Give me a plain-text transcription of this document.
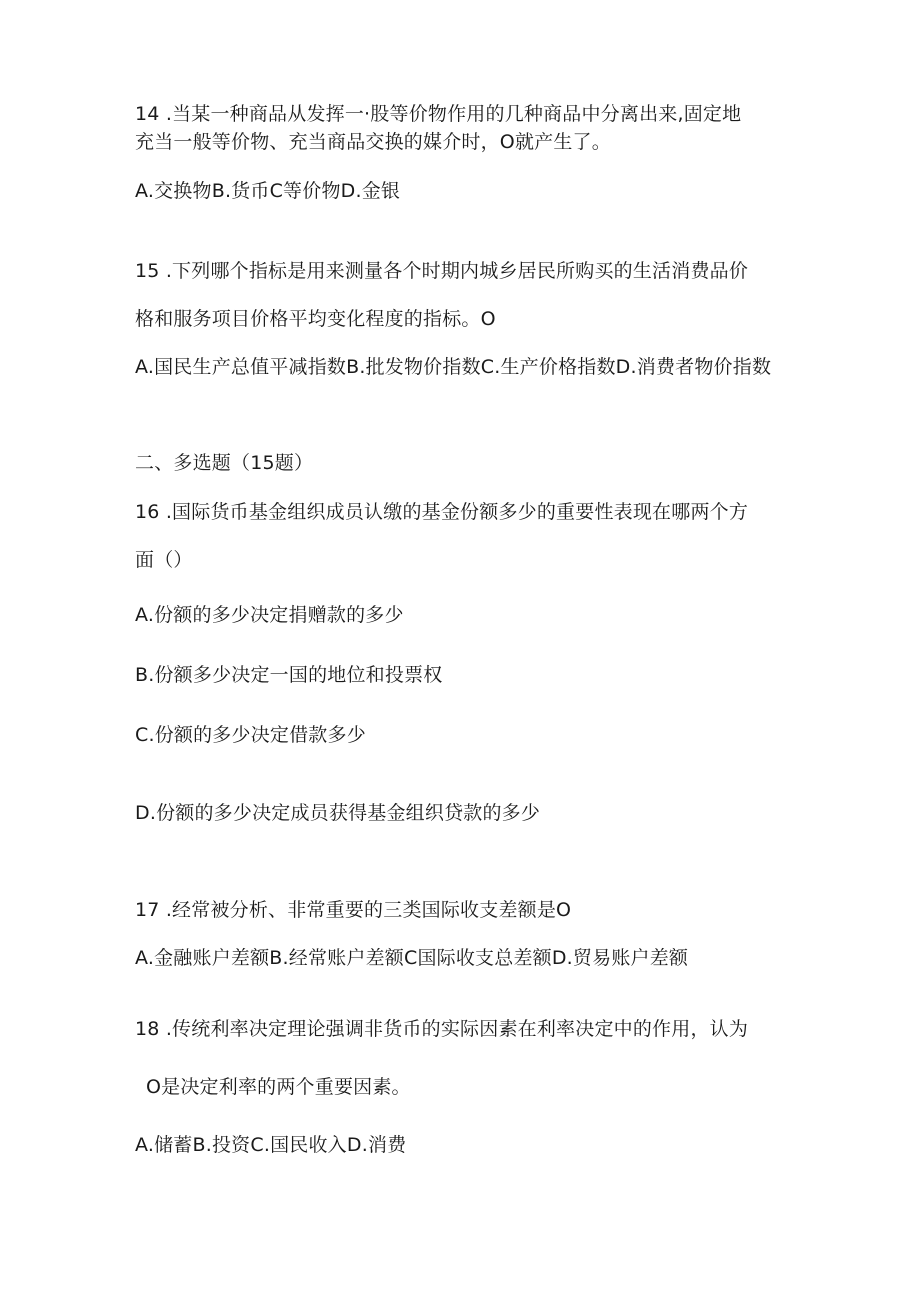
14 .当某一种商品从发挥一·股等价物作用的几种商品中分离出来,固定地
充当一般等价物、充当商品交换的媒介时，O就产生了。
A.交换物B.货币C等价物D.金银
15 .下列哪个指标是用来测量各个时期内城乡居民所购买的生活消费品价
格和服务项目价格平均变化程度的指标。O
A.国民生产总值平减指数B.批发物价指数C.生产价格指数D.消费者物价指数
二、多选题（15题）
16 .国际货币基金组织成员认缴的基金份额多少的重要性表现在哪两个方
面（）
A.份额的多少决定捐赠款的多少
B.份额多少决定一国的地位和投票权
C.份额的多少决定借款多少
D.份额的多少决定成员获得基金组织贷款的多少
17 .经常被分析、非常重要的三类国际收支差额是O
A.金融账户差额B.经常账户差额C国际收支总差额D.贸易账户差额
18 .传统利率决定理论强调非货币的实际因素在利率决定中的作用，认为
O是决定利率的两个重要因素。
A.储蓄B.投资C.国民收入D.消费
